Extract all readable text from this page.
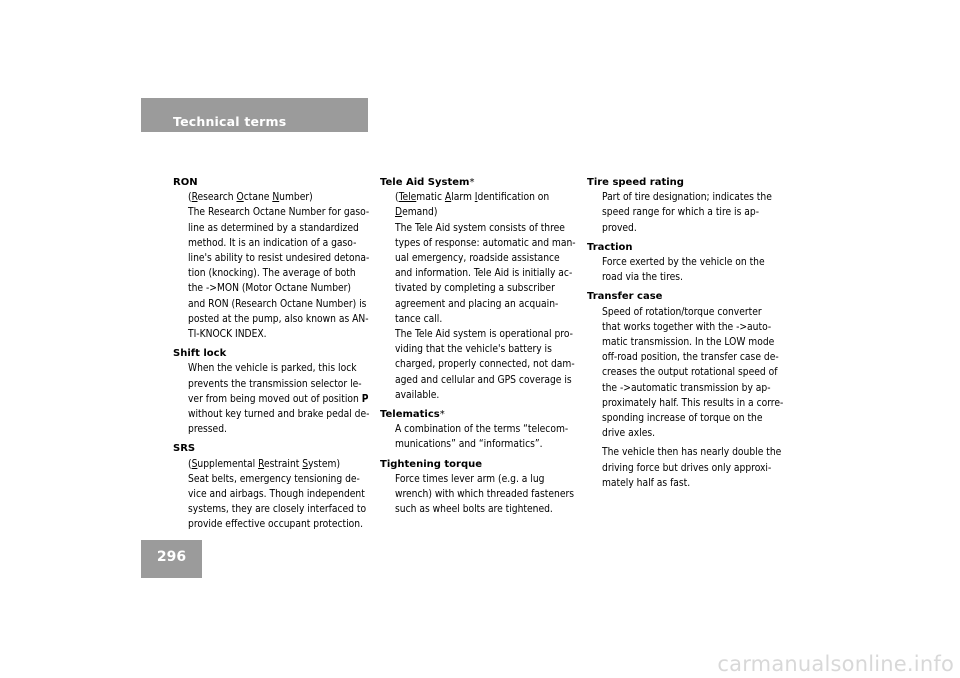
Technical terms
RON

(Research Octane Number)

The Research Octane Number for gaso-

line as determined by a standardized

method. It is an indication of a gaso-

line's ability to resist undesired detona-

tion (knocking). The average of both

the ->MON (Motor Octane Number)

and RON (Research Octane Number) is

posted at the pump, also known as AN-

TI-KNOCK INDEX.

Shift lock

When the vehicle is parked, this lock

prevents the transmission selector le-

ver from being moved out of position P

without key turned and brake pedal de-

pressed.

SRS

(Supplemental Restraint System)

Seat belts, emergency tensioning de-

vice and airbags. Though independent

systems, they are closely interfaced to

provide effective occupant protection.

Tele Aid System*

(Telematic Alarm Identification on

Demand)

The Tele Aid system consists of three

types of response: automatic and man-

ual emergency, roadside assistance

and information. Tele Aid is initially ac-

tivated by completing a subscriber

agreement and placing an acquain-

tance call.

The Tele Aid system is operational pro-

viding that the vehicle's battery is

charged, properly connected, not dam-

aged and cellular and GPS coverage is

available.

Telematics*

A combination of the terms “telecom-

munications” and “informatics”.

Tightening torque

Force times lever arm (e.g. a lug

wrench) with which threaded fasteners

such as wheel bolts are tightened.

Tire speed rating

Part of tire designation; indicates the

speed range for which a tire is ap-

proved.

Traction

Force exerted by the vehicle on the

road via the tires.

Transfer case

Speed of rotation/torque converter

that works together with the ->auto-

matic transmission. In the LOW mode

off-road position, the transfer case de-

creases the output rotational speed of

the ->automatic transmission by ap-

proximately half. This results in a corre-

sponding increase of torque on the

drive axles.

The vehicle then has nearly double the

driving force but drives only approxi-

mately half as fast.

296
carmanualsonline.info
